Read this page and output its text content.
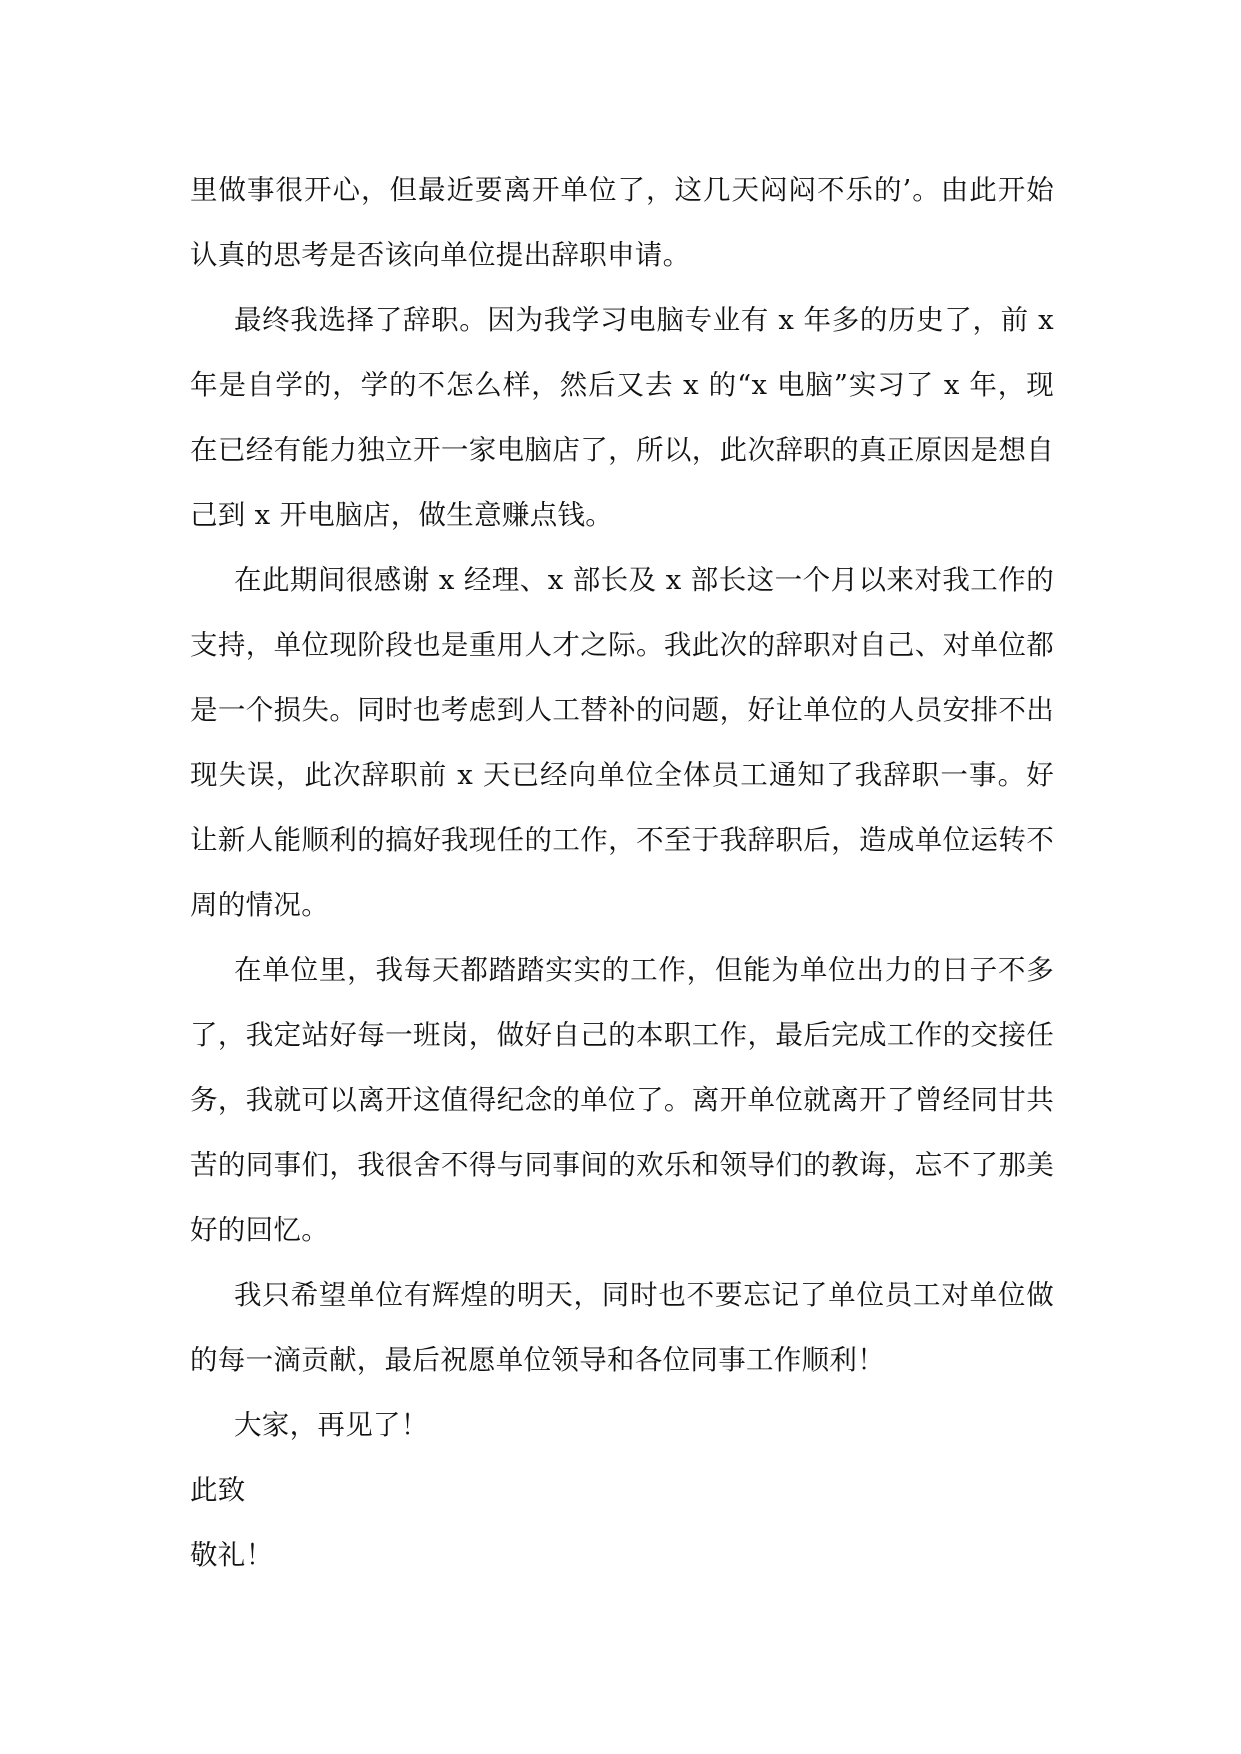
里做事很开心，但最近要离开单位了，这几天闷闷不乐的’。由此开始认真的思考是否该向单位提出辞职申请。

最终我选择了辞职。因为我学习电脑专业有 x 年多的历史了，前 x 年是自学的，学的不怎么样，然后又去 x 的“x 电脑”实习了 x 年，现在已经有能力独立开一家电脑店了，所以，此次辞职的真正原因是想自己到 x 开电脑店，做生意赚点钱。

在此期间很感谢 x 经理、x 部长及 x 部长这一个月以来对我工作的支持，单位现阶段也是重用人才之际。我此次的辞职对自己、对单位都是一个损失。同时也考虑到人工替补的问题，好让单位的人员安排不出现失误，此次辞职前 x 天已经向单位全体员工通知了我辞职一事。好让新人能顺利的搞好我现任的工作，不至于我辞职后，造成单位运转不周的情况。

在单位里，我每天都踏踏实实的工作，但能为单位出力的日子不多了，我定站好每一班岗，做好自己的本职工作，最后完成工作的交接任务，我就可以离开这值得纪念的单位了。离开单位就离开了曾经同甘共苦的同事们，我很舍不得与同事间的欢乐和领导们的教诲，忘不了那美好的回忆。

我只希望单位有辉煌的明天，同时也不要忘记了单位员工对单位做的每一滴贡献，最后祝愿单位领导和各位同事工作顺利！

大家，再见了！

此致

敬礼！
